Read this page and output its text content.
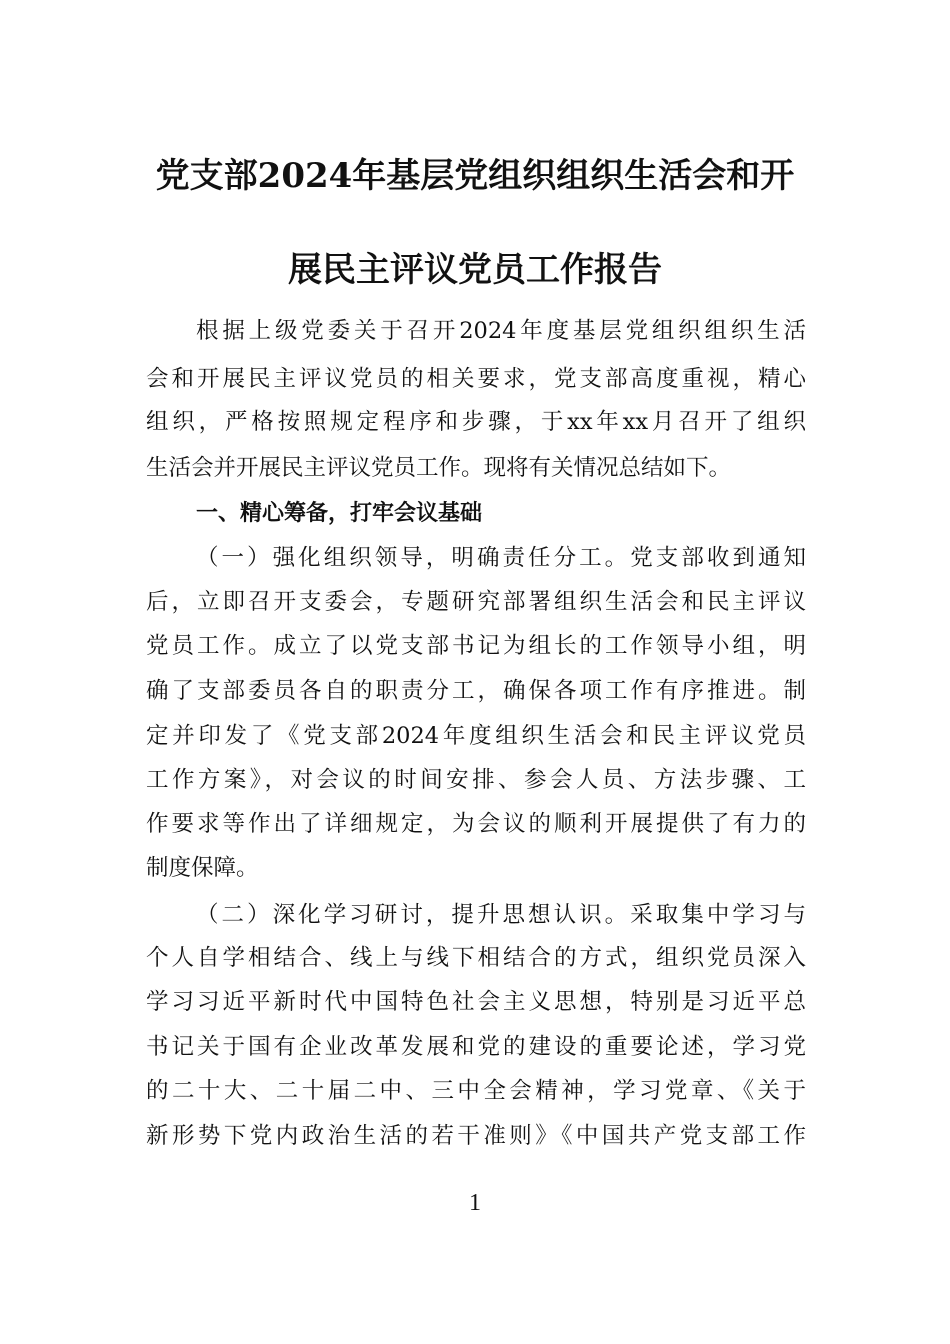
党支部2024年基层党组织组织生活会和开
展民主评议党员工作报告
根据上级党委关于召开2024年度基层党组织组织生活
会和开展民主评议党员的相关要求，党支部高度重视，精心
组织，严格按照规定程序和步骤，于xx年xx月召开了组织
生活会并开展民主评议党员工作。现将有关情况总结如下。
一、精心筹备，打牢会议基础
（一）强化组织领导，明确责任分工。党支部收到通知
后，立即召开支委会，专题研究部署组织生活会和民主评议
党员工作。成立了以党支部书记为组长的工作领导小组，明
确了支部委员各自的职责分工，确保各项工作有序推进。制
定并印发了《党支部2024年度组织生活会和民主评议党员
工作方案》，对会议的时间安排、参会人员、方法步骤、工
作要求等作出了详细规定，为会议的顺利开展提供了有力的
制度保障。
（二）深化学习研讨，提升思想认识。采取集中学习与
个人自学相结合、线上与线下相结合的方式，组织党员深入
学习习近平新时代中国特色社会主义思想，特别是习近平总
书记关于国有企业改革发展和党的建设的重要论述，学习党
的二十大、二十届二中、三中全会精神，学习党章、《关于
新形势下党内政治生活的若干准则》《中国共产党支部工作
1
